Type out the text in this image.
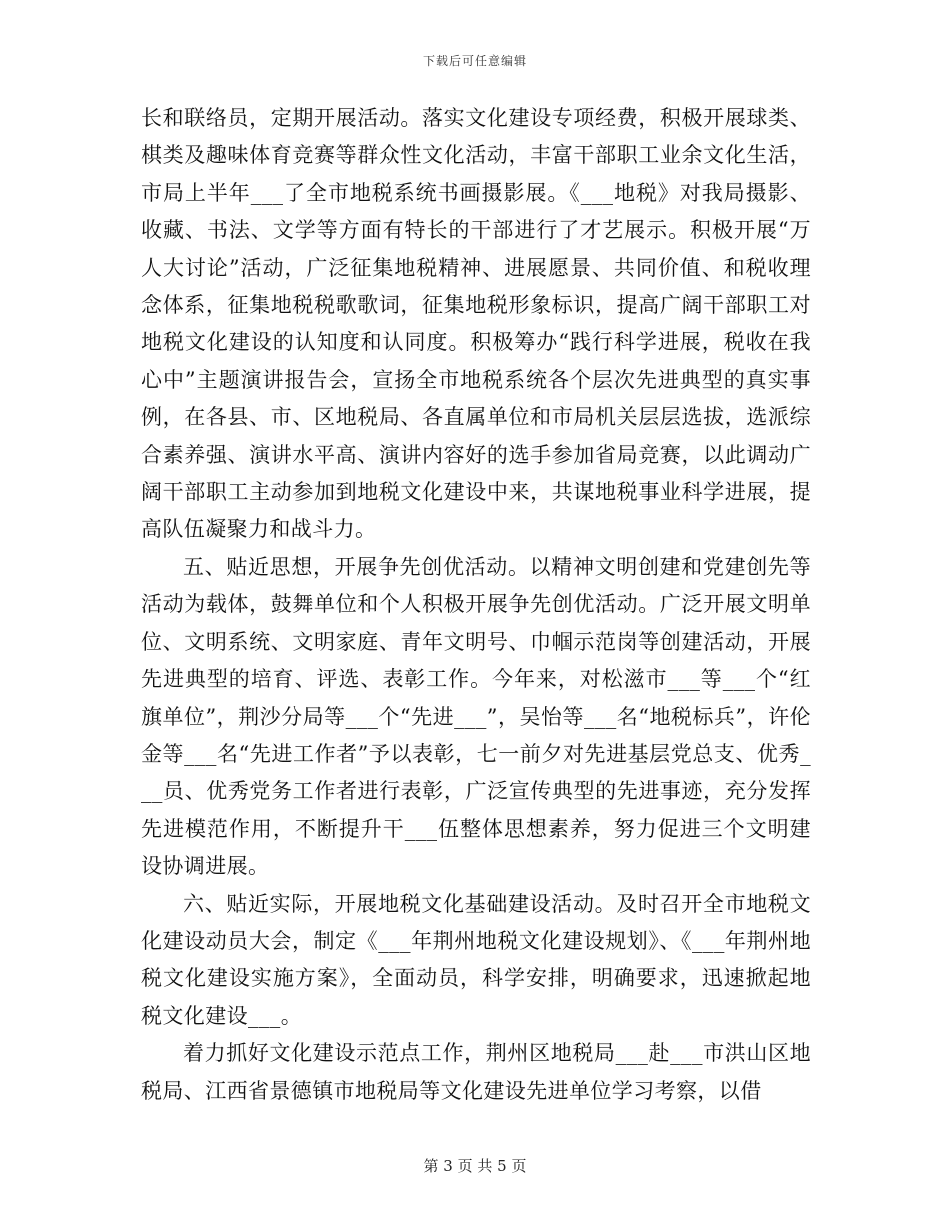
下载后可任意编辑

长和联络员，定期开展活动。落实文化建设专项经费，积极开展球类、棋类及趣味体育竞赛等群众性文化活动，丰富干部职工业余文化生活，市局上半年___了全市地税系统书画摄影展。《___地税》对我局摄影、收藏、书法、文学等方面有特长的干部进行了才艺展示。积极开展“万人大讨论”活动，广泛征集地税精神、进展愿景、共同价值、和税收理念体系，征集地税税歌歌词，征集地税形象标识，提高广阔干部职工对地税文化建设的认知度和认同度。积极筹办“践行科学进展，税收在我心中”主题演讲报告会，宣扬全市地税系统各个层次先进典型的真实事例，在各县、市、区地税局、各直属单位和市局机关层层选拔，选派综合素养强、演讲水平高、演讲内容好的选手参加省局竞赛，以此调动广阔干部职工主动参加到地税文化建设中来，共谋地税事业科学进展，提高队伍凝聚力和战斗力。

五、贴近思想，开展争先创优活动。以精神文明创建和党建创先等活动为载体，鼓舞单位和个人积极开展争先创优活动。广泛开展文明单位、文明系统、文明家庭、青年文明号、巾帼示范岗等创建活动，开展先进典型的培育、评选、表彰工作。今年来，对松滋市___等___个“红旗单位”，荆沙分局等___个“先进___”，吴怡等___名“地税标兵”，许伦金等___名“先进工作者”予以表彰，七一前夕对先进基层党总支、优秀___员、优秀党务工作者进行表彰，广泛宣传典型的先进事迹，充分发挥先进模范作用，不断提升干___伍整体思想素养，努力促进三个文明建设协调进展。

六、贴近实际，开展地税文化基础建设活动。及时召开全市地税文化建设动员大会，制定《___年荆州地税文化建设规划》、《___年荆州地税文化建设实施方案》，全面动员，科学安排，明确要求，迅速掀起地税文化建设___。

着力抓好文化建设示范点工作，荆州区地税局___赴___市洪山区地税局、江西省景德镇市地税局等文化建设先进单位学习考察，以借

第 3 页 共 5 页
